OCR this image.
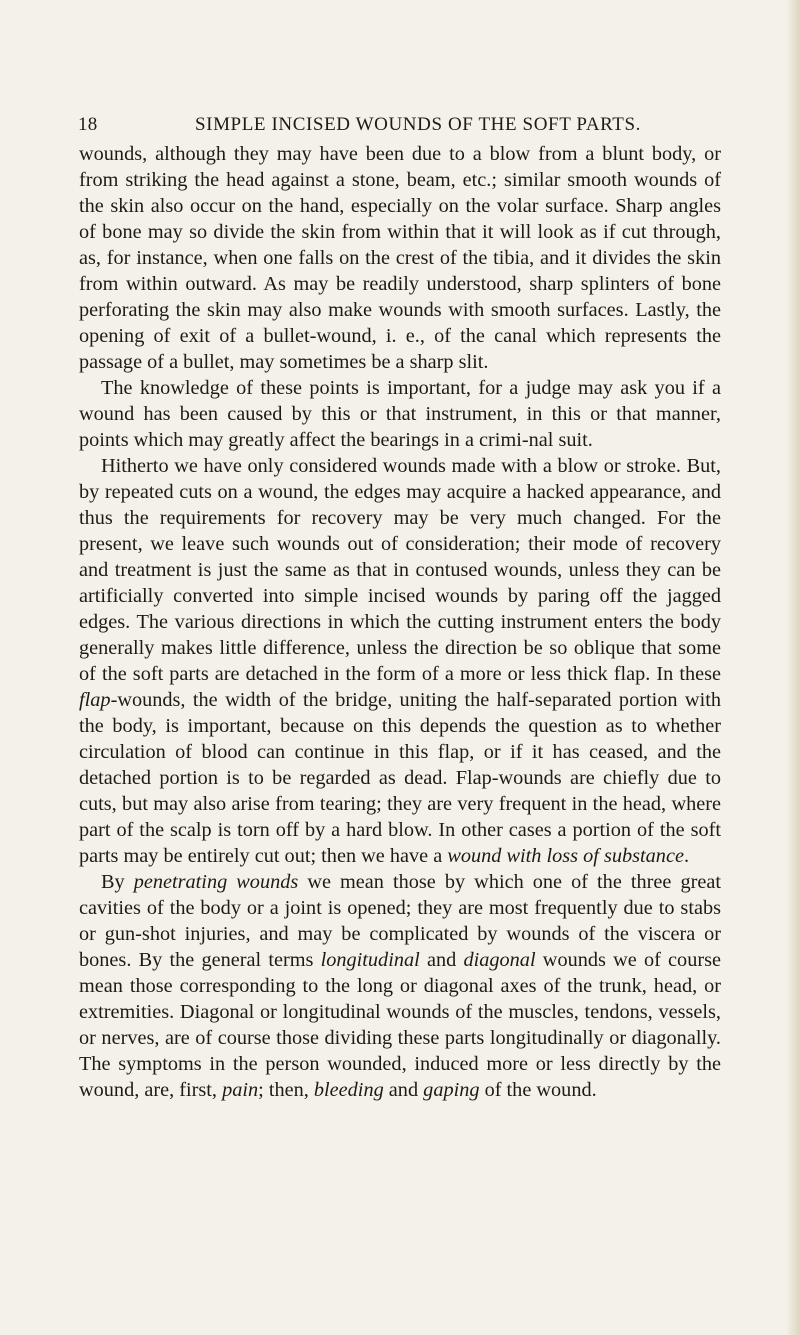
18	SIMPLE INCISED WOUNDS OF THE SOFT PARTS.

wounds, although they may have been due to a blow from a blunt body, or from striking the head against a stone, beam, etc.; similar smooth wounds of the skin also occur on the hand, especially on the volar surface. Sharp angles of bone may so divide the skin from within that it will look as if cut through, as, for instance, when one falls on the crest of the tibia, and it divides the skin from within outward. As may be readily understood, sharp splinters of bone perforating the skin may also make wounds with smooth surfaces. Lastly, the opening of exit of a bullet-wound, i. e., of the canal which represents the passage of a bullet, may sometimes be a sharp slit.

The knowledge of these points is important, for a judge may ask you if a wound has been caused by this or that instrument, in this or that manner, points which may greatly affect the bearings in a crimi-nal suit.

Hitherto we have only considered wounds made with a blow or stroke. But, by repeated cuts on a wound, the edges may acquire a hacked appearance, and thus the requirements for recovery may be very much changed. For the present, we leave such wounds out of consideration; their mode of recovery and treatment is just the same as that in contused wounds, unless they can be artificially converted into simple incised wounds by paring off the jagged edges. The various directions in which the cutting instrument enters the body generally makes little difference, unless the direction be so oblique that some of the soft parts are detached in the form of a more or less thick flap. In these flap-wounds, the width of the bridge, uniting the half-separated portion with the body, is important, because on this depends the question as to whether circulation of blood can continue in this flap, or if it has ceased, and the detached portion is to be regarded as dead. Flap-wounds are chiefly due to cuts, but may also arise from tearing; they are very frequent in the head, where part of the scalp is torn off by a hard blow. In other cases a portion of the soft parts may be entirely cut out; then we have a wound with loss of substance.

By penetrating wounds we mean those by which one of the three great cavities of the body or a joint is opened; they are most frequently due to stabs or gun-shot injuries, and may be complicated by wounds of the viscera or bones. By the general terms longitudinal and diagonal wounds we of course mean those corresponding to the long or diagonal axes of the trunk, head, or extremities. Diagonal or longitudinal wounds of the muscles, tendons, vessels, or nerves, are of course those dividing these parts longitudinally or diagonally. The symptoms in the person wounded, induced more or less directly by the wound, are, first, pain; then, bleeding and gaping of the wound.
